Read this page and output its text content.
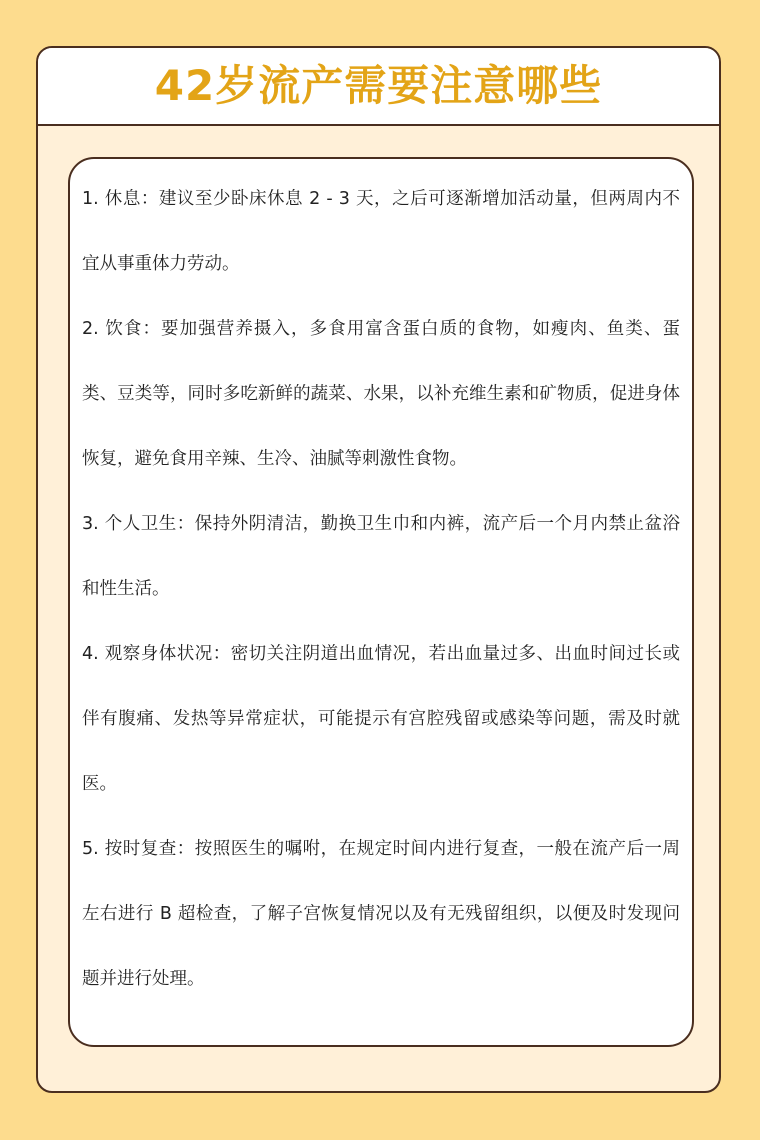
42岁流产需要注意哪些

1. 休息：建议至少卧床休息 2 - 3 天，之后可逐渐增加活动量，但两周内不宜从事重体力劳动。

2. 饮食：要加强营养摄入，多食用富含蛋白质的食物，如瘦肉、鱼类、蛋类、豆类等，同时多吃新鲜的蔬菜、水果，以补充维生素和矿物质，促进身体恢复，避免食用辛辣、生冷、油腻等刺激性食物。

3. 个人卫生：保持外阴清洁，勤换卫生巾和内裤，流产后一个月内禁止盆浴和性生活。

4. 观察身体状况：密切关注阴道出血情况，若出血量过多、出血时间过长或伴有腹痛、发热等异常症状，可能提示有宫腔残留或感染等问题，需及时就医。

5. 按时复查：按照医生的嘱咐，在规定时间内进行复查，一般在流产后一周左右进行 B 超检查，了解子宫恢复情况以及有无残留组织，以便及时发现问题并进行处理。
